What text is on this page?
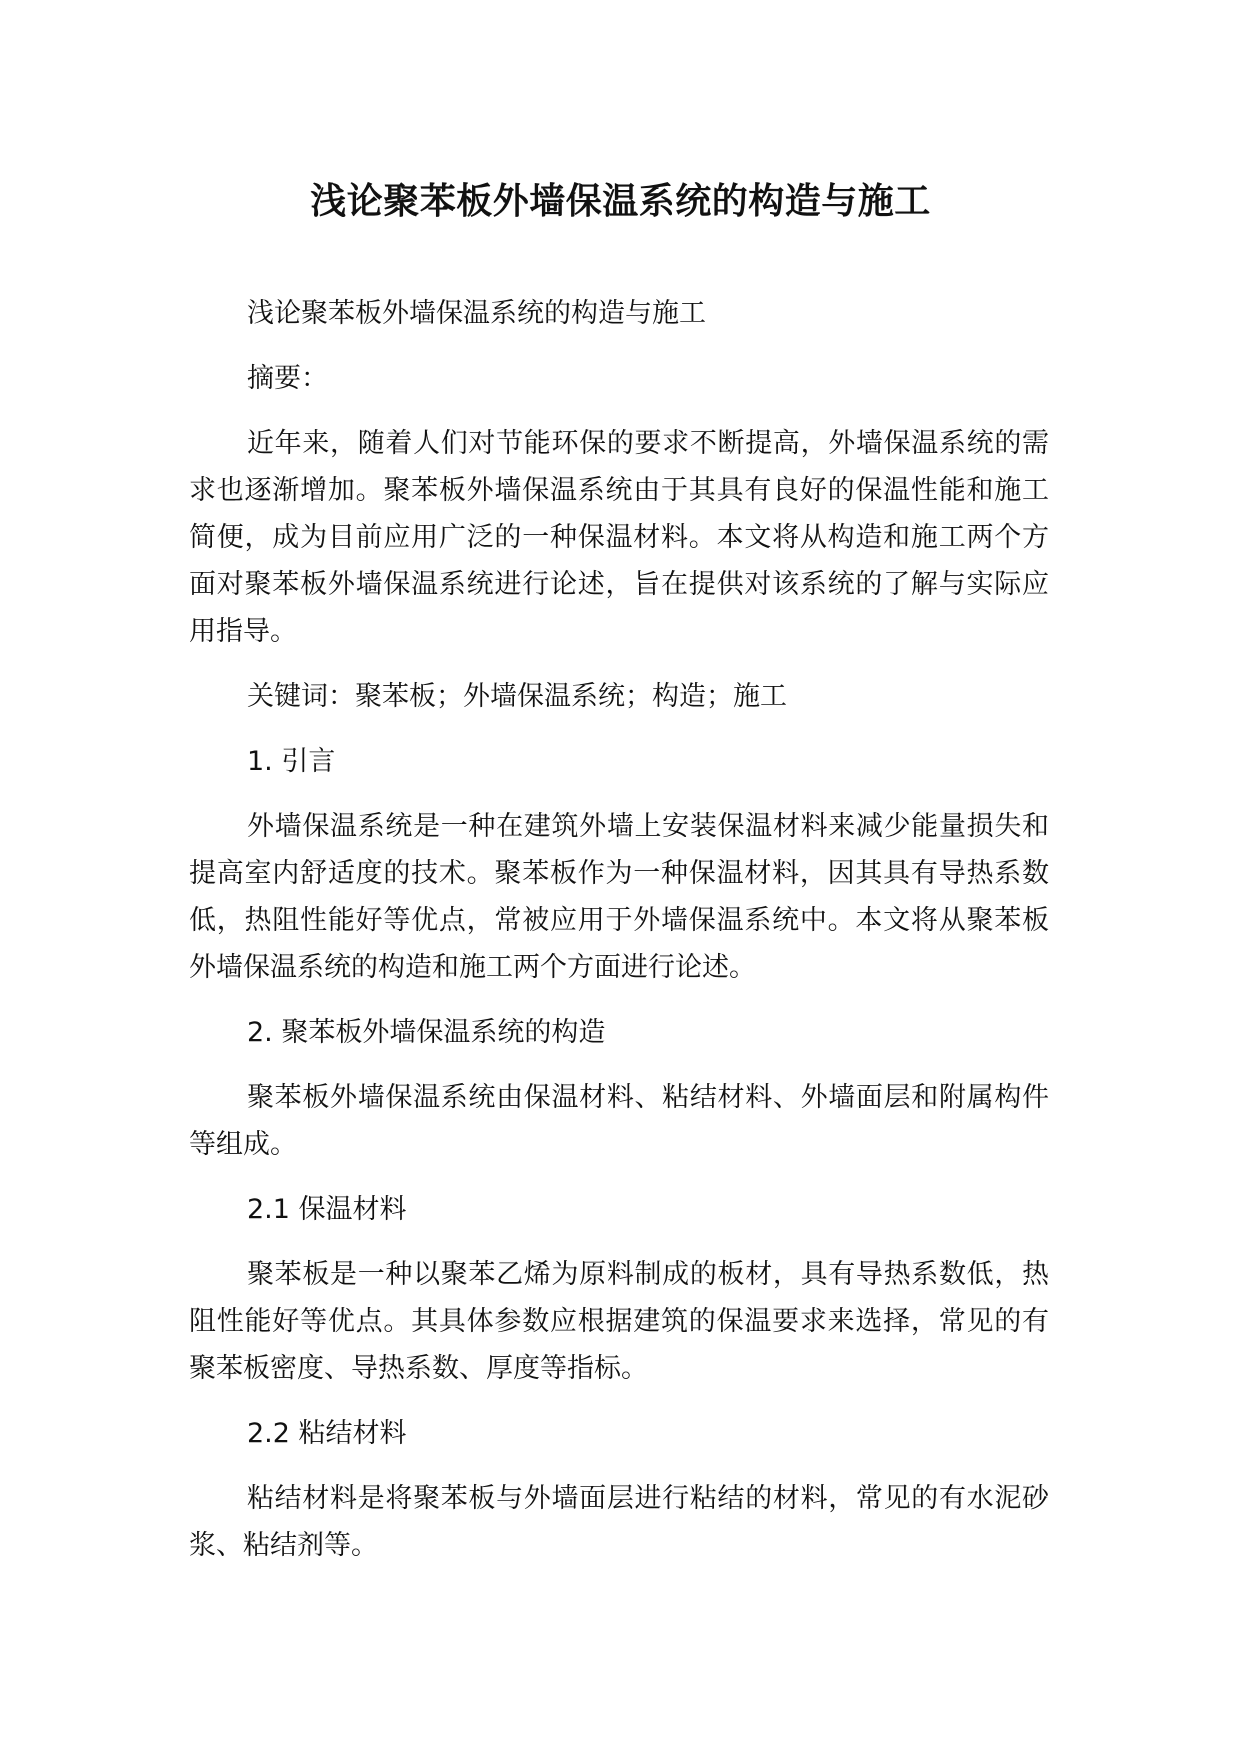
浅论聚苯板外墙保温系统的构造与施工

浅论聚苯板外墙保温系统的构造与施工

摘要：

近年来，随着人们对节能环保的要求不断提高，外墙保温系统的需求也逐渐增加。聚苯板外墙保温系统由于其具有良好的保温性能和施工简便，成为目前应用广泛的一种保温材料。本文将从构造和施工两个方面对聚苯板外墙保温系统进行论述，旨在提供对该系统的了解与实际应用指导。

关键词：聚苯板；外墙保温系统；构造；施工

1. 引言

外墙保温系统是一种在建筑外墙上安装保温材料来减少能量损失和提高室内舒适度的技术。聚苯板作为一种保温材料，因其具有导热系数低，热阻性能好等优点，常被应用于外墙保温系统中。本文将从聚苯板外墙保温系统的构造和施工两个方面进行论述。

2. 聚苯板外墙保温系统的构造

聚苯板外墙保温系统由保温材料、粘结材料、外墙面层和附属构件等组成。

2.1 保温材料

聚苯板是一种以聚苯乙烯为原料制成的板材，具有导热系数低，热阻性能好等优点。其具体参数应根据建筑的保温要求来选择，常见的有聚苯板密度、导热系数、厚度等指标。

2.2 粘结材料

粘结材料是将聚苯板与外墙面层进行粘结的材料，常见的有水泥砂浆、粘结剂等。
